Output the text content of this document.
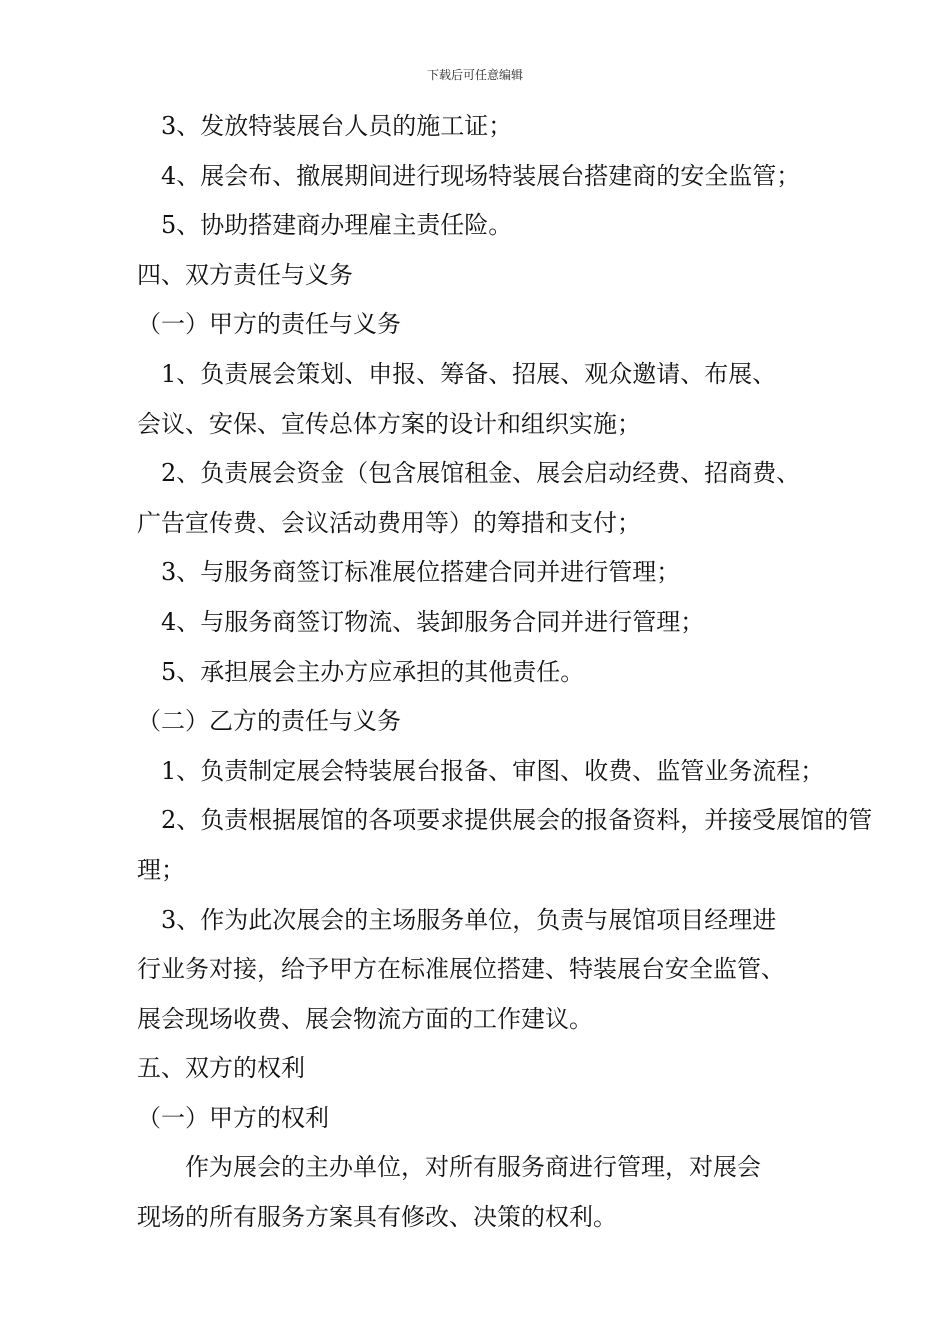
下载后可任意编辑
3、发放特装展台人员的施工证；
4、展会布、撤展期间进行现场特装展台搭建商的安全监管；
5、协助搭建商办理雇主责任险。
四、双方责任与义务
（一）甲方的责任与义务
1、负责展会策划、申报、筹备、招展、观众邀请、布展、
会议、安保、宣传总体方案的设计和组织实施；
2、负责展会资金（包含展馆租金、展会启动经费、招商费、
广告宣传费、会议活动费用等）的筹措和支付；
3、与服务商签订标准展位搭建合同并进行管理；
4、与服务商签订物流、装卸服务合同并进行管理；
5、承担展会主办方应承担的其他责任。
（二）乙方的责任与义务
1、负责制定展会特装展台报备、审图、收费、监管业务流程；
2、负责根据展馆的各项要求提供展会的报备资料，并接受展馆的管
理；
3、作为此次展会的主场服务单位，负责与展馆项目经理进
行业务对接，给予甲方在标准展位搭建、特装展台安全监管、
展会现场收费、展会物流方面的工作建议。
五、双方的权利
（一）甲方的权利
作为展会的主办单位，对所有服务商进行管理，对展会
现场的所有服务方案具有修改、决策的权利。
